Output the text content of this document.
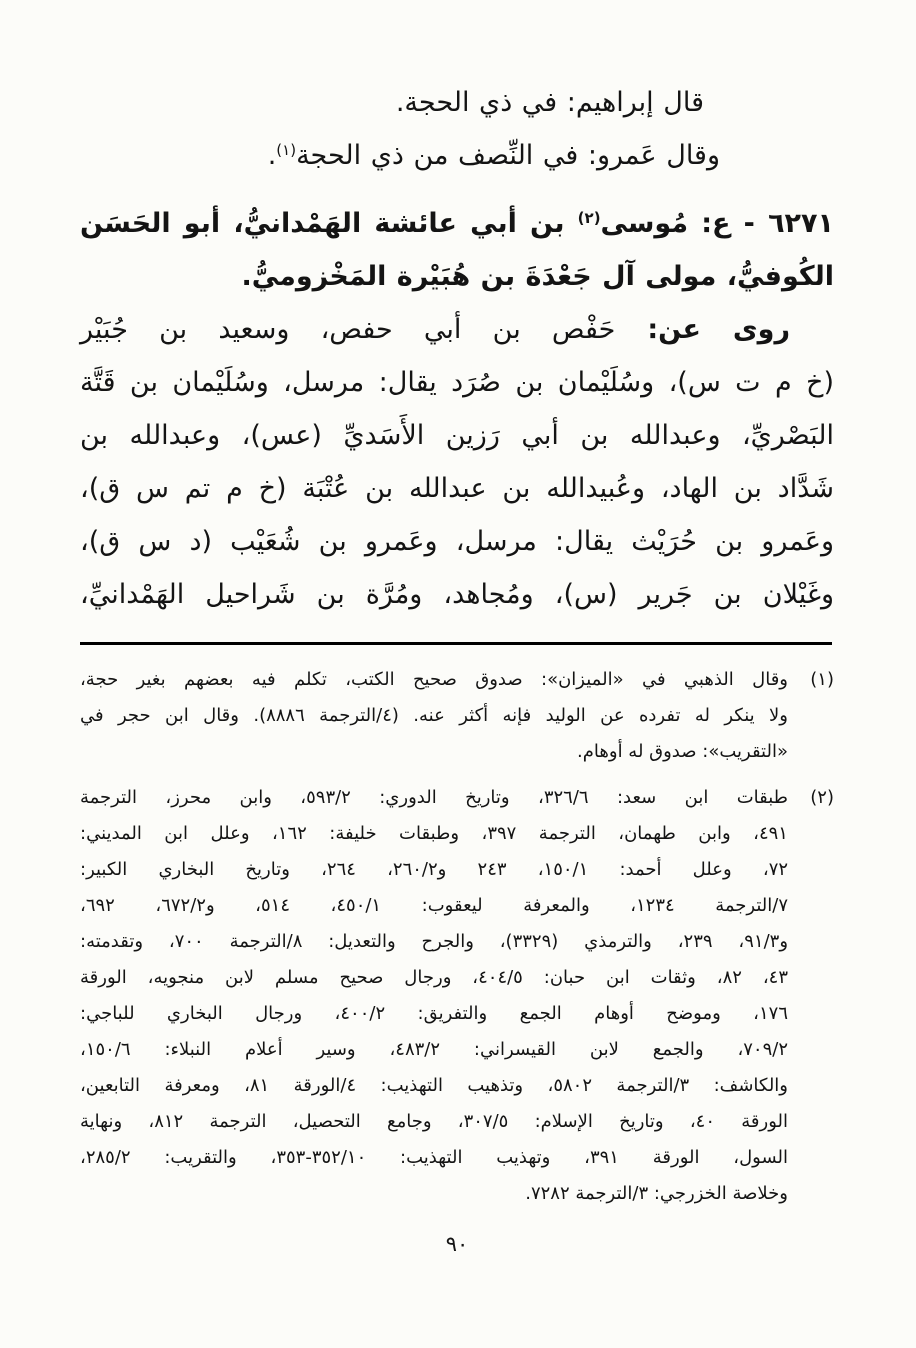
قال إبراهيم: في ذي الحجة.

وقال عَمرو: في النِّصف من ذي الحجة$^{(١)}$.

٦٢٧١ - ع: مُوسى$^{(٢)}$ بن أبي عائشة الهَمْدانيُّ، أبو الحَسَن

الكُوفيُّ، مولى آل جَعْدَةَ بن هُبَيْرة المَخْزوميُّ.

روى عن: حَفْص بن أبي حفص، وسعيد بن جُبَيْر

(خ م ت س)، وسُلَيْمان بن صُرَد يقال: مرسل، وسُلَيْمان بن قَتَّة

البَصْريِّ، وعبدالله بن أبي رَزين الأَسَديِّ (عس)، وعبدالله بن

شَدَّاد بن الهاد، وعُبيدالله بن عبدالله بن عُتْبَة (خ م تم س ق)،

وعَمرو بن حُرَيْث يقال: مرسل، وعَمرو بن شُعَيْب (د س ق)،

وغَيْلان بن جَرير (س)، ومُجاهد، ومُرَّة بن شَراحيل الهَمْدانيِّ،

(١)

وقال الذهبي في «الميزان»: صدوق صحيح الكتب، تكلم فيه بعضهم بغير حجة،

ولا ينكر له تفرده عن الوليد فإنه أكثر عنه. (٤/الترجمة ٨٨٨٦). وقال ابن حجر في

«التقريب»: صدوق له أوهام.

(٢)

طبقات ابن سعد: ٣٢٦/٦، وتاريخ الدوري: ٥٩٣/٢، وابن محرز، الترجمة

٤٩١، وابن طهمان، الترجمة ٣٩٧، وطبقات خليفة: ١٦٢، وعلل ابن المديني:

٧٢، وعلل أحمد: ١٥٠/١، ٢٤٣ و٢٦٠/٢، ٢٦٤، وتاريخ البخاري الكبير:

٧/الترجمة ١٢٣٤، والمعرفة ليعقوب: ٤٥٠/١، ٥١٤، و٦٧٢/٢، ٦٩٢،

و٩١/٣، ٢٣٩، والترمذي (٣٣٢٩)، والجرح والتعديل: ٨/الترجمة ٧٠٠، وتقدمته:

٤٣، ٨٢، وثقات ابن حبان: ٤٠٤/٥، ورجال صحيح مسلم لابن منجويه، الورقة

١٧٦، وموضح أوهام الجمع والتفريق: ٤٠٠/٢، ورجال البخاري للباجي:

٧٠٩/٢، والجمع لابن القيسراني: ٤٨٣/٢، وسير أعلام النبلاء: ١٥٠/٦،

والكاشف: ٣/الترجمة ٥٨٠٢، وتذهيب التهذيب: ٤/الورقة ٨١، ومعرفة التابعين،

الورقة ٤٠، وتاريخ الإسلام: ٣٠٧/٥، وجامع التحصيل، الترجمة ٨١٢، ونهاية

السول، الورقة ٣٩١، وتهذيب التهذيب: ٣٥٢/١٠-٣٥٣، والتقريب: ٢٨٥/٢،

وخلاصة الخزرجي: ٣/الترجمة ٧٢٨٢.

٩٠
